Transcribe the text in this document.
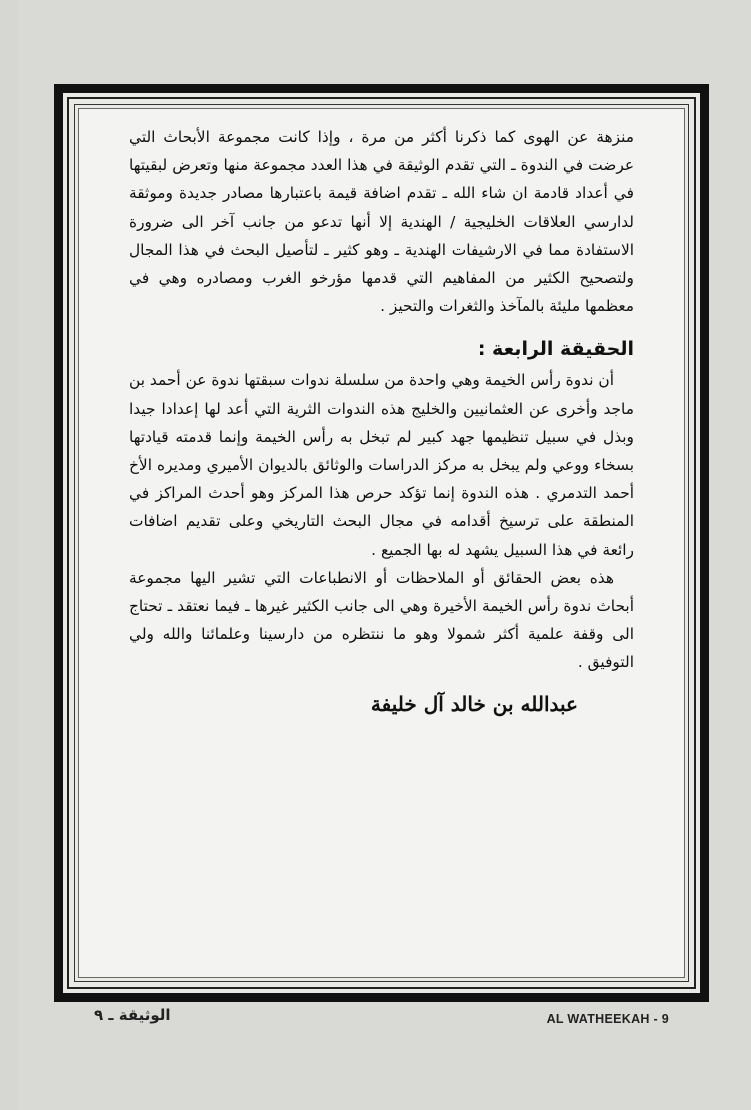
منزهة عن الهوى كما ذكرنا أكثر من مرة ، وإذا كانت مجموعة الأبحاث التي عرضت في الندوة ـ التي تقدم الوثيقة في هذا العدد مجموعة منها وتعرض لبقيتها في أعداد قادمة ان شاء الله ـ تقدم اضافة قيمة باعتبارها مصادر جديدة وموثقة لدارسي العلاقات الخليجية / الهندية إلا أنها تدعو من جانب آخر الى ضرورة الاستفادة مما في الارشيفات الهندية ـ وهو كثير ـ لتأصيل البحث في هذا المجال ولتصحيح الكثير من المفاهيم التي قدمها مؤرخو الغرب ومصادره وهي في معظمها مليئة بالمآخذ والثغرات والتحيز .

الحقيقة الرابعة :

أن ندوة رأس الخيمة وهي واحدة من سلسلة ندوات سبقتها ندوة عن أحمد بن ماجد وأخرى عن العثمانيين والخليج هذه الندوات الثرية التي أعد لها إعدادا جيدا وبذل في سبيل تنظيمها جهد كبير لم تبخل به رأس الخيمة وإنما قدمته قيادتها بسخاء ووعي ولم يبخل به مركز الدراسات والوثائق بالديوان الأميري ومديره الأخ أحمد التدمري . هذه الندوة إنما تؤكد حرص هذا المركز وهو أحدث المراكز في المنطقة على ترسيخ أقدامه في مجال البحث التاريخي وعلى تقديم اضافات رائعة في هذا السبيل يشهد له بها الجميع .

هذه بعض الحقائق أو الملاحظات أو الانطباعات التي تشير اليها مجموعة أبحاث ندوة رأس الخيمة الأخيرة وهي الى جانب الكثير غيرها ـ فيما نعتقد ـ تحتاج الى وقفة علمية أكثر شمولا وهو ما ننتظره من دارسينا وعلمائنا والله ولي التوفيق .

عبدالله بن خالد آل خليفة
الوثيقة ـ ٩	AL WATHEEKAH - 9
